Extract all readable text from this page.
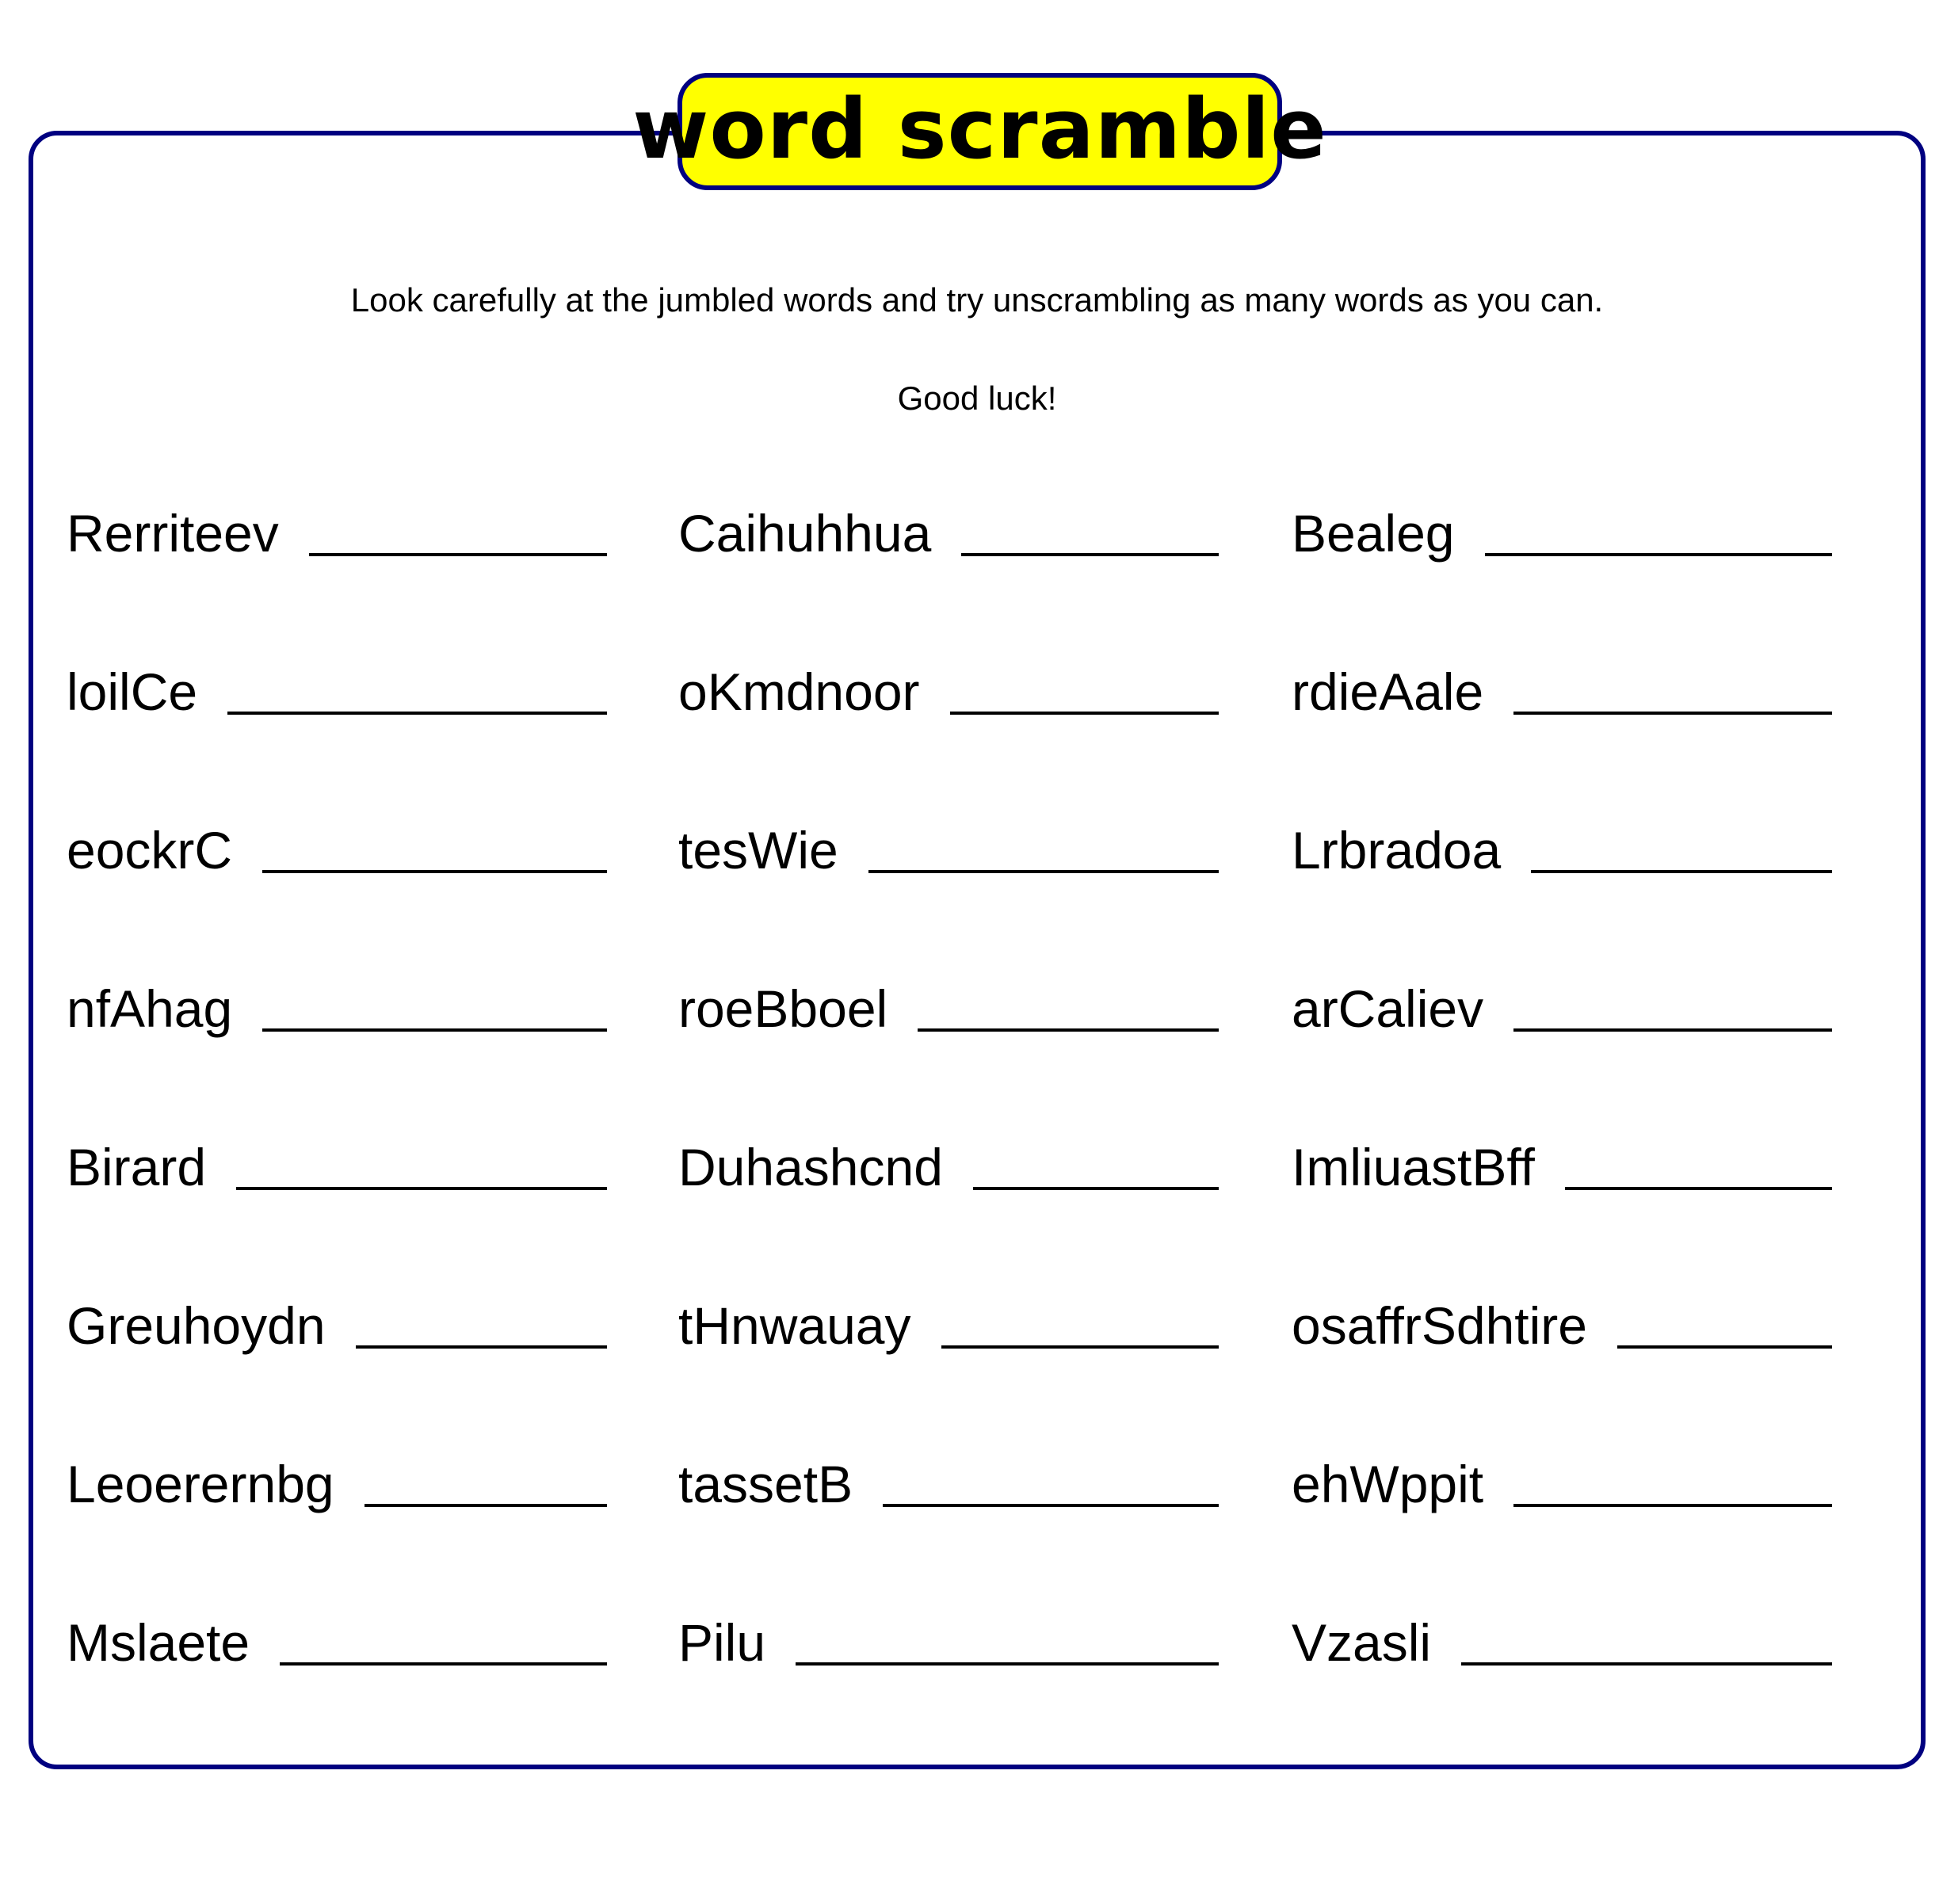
word scramble
Look carefully at the jumbled words and try unscrambling as many words as you can.
Good luck!
Rerriteev	Caihuhhua	Bealeg
loilCe	oKmdnoor	rdieAale
eockrC	tesWie	Lrbradoa
nfAhag	roeBboel	arCaliev
Birard	Duhashcnd	ImliuastBff
Greuhoydn	tHnwauay	osaffrSdhtire
Leoerernbg	tassetB	ehWppit
Mslaete	Pilu	Vzasli
